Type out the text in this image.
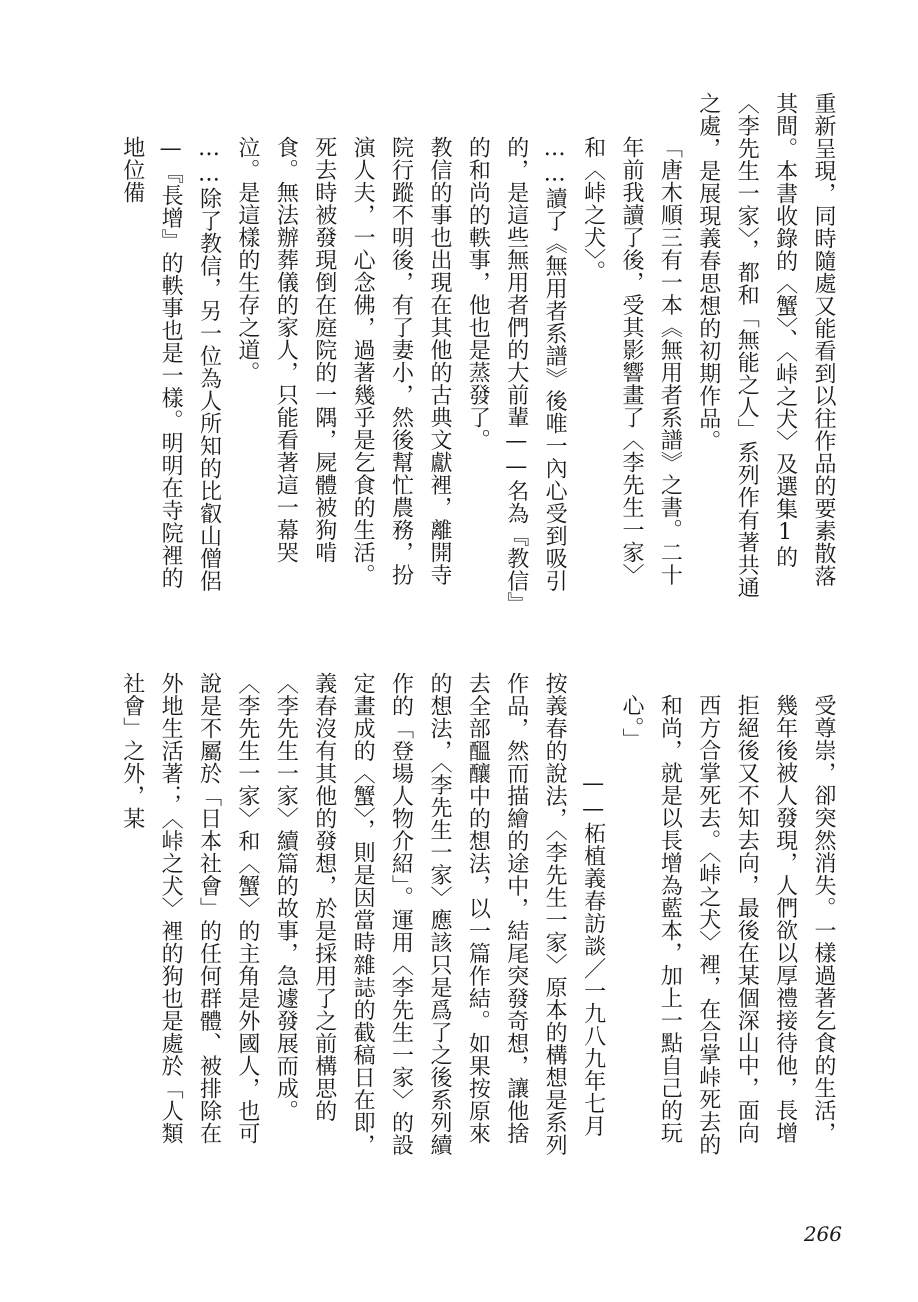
重新呈現，同時隨處又能看到以往作品的要素散落其間。本書收錄的〈蟹〉、〈峠之犬〉及選集1的〈李先生一家〉，都和「無能之人」系列作有著共通之處，是展現義春思想的初期作品。

「唐木順三有一本《無用者系譜》之書。二十年前我讀了後，受其影響畫了〈李先生一家〉和〈峠之犬〉。

……讀了《無用者系譜》後唯一內心受到吸引的，是這些無用者們的大前輩——名為『教信』的和尚的軼事，他也是蒸發了。

教信的事也出現在其他的古典文獻裡，離開寺院行蹤不明後，有了妻小，然後幫忙農務，扮演人夫，一心念佛，過著幾乎是乞食的生活。死去時被發現倒在庭院的一隅，屍體被狗啃食。無法辦葬儀的家人，只能看著這一幕哭泣。是這樣的生存之道。

……除了教信，另一位為人所知的比叡山僧侶—『長增』的軼事也是一樣。明明在寺院裡的地位備

受尊崇，卻突然消失。一樣過著乞食的生活，幾年後被人發現，人們欲以厚禮接待他，長增拒絕後又不知去向，最後在某個深山中，面向西方合掌死去。〈峠之犬〉裡，在合掌峠死去的和尚，就是以長增為藍本，加上一點自己的玩心。」

——柘植義春訪談／一九八九年七月

按義春的說法，〈李先生一家〉原本的構想是系列作品，然而描繪的途中，結尾突發奇想，讓他捨去全部醞釀中的想法，以一篇作結。如果按原來的想法，〈李先生一家〉應該只是爲了之後系列續作的「登場人物介紹」。運用〈李先生一家〉的設定畫成的〈蟹〉，則是因當時雜誌的截稿日在即，義春沒有其他的發想，於是採用了之前構思的〈李先生一家〉續篇的故事，急遽發展而成。

〈李先生一家〉和〈蟹〉的主角是外國人，也可說是不屬於「日本社會」的任何群體、被排除在外地生活著；〈峠之犬〉裡的狗也是處於「人類社會」之外，某

266
